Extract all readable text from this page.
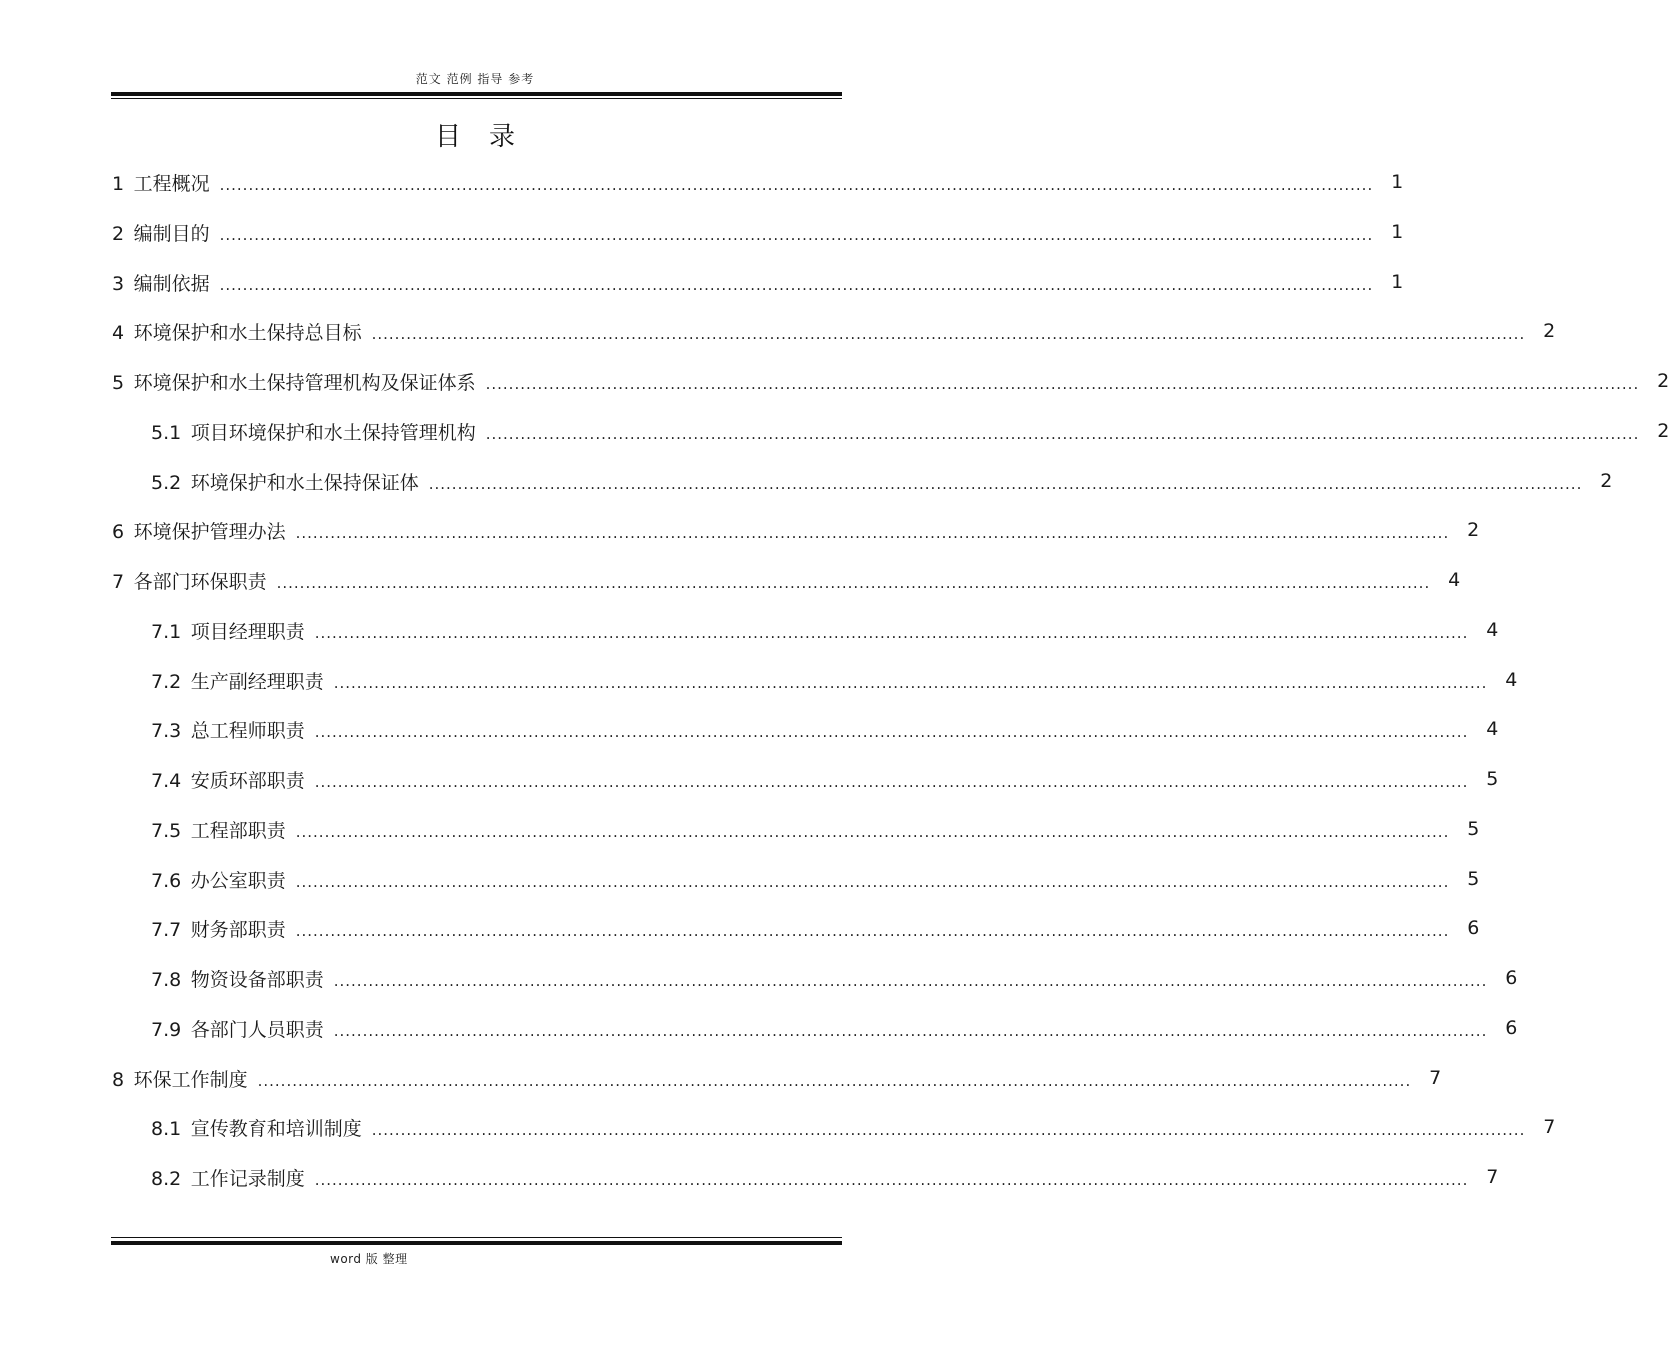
范文 范例 指导 参考
目录
1  工程概况 ........................................................................................................................................................................................................ 1
2  编制目的 ........................................................................................................................................................................................................ 1
3  编制依据 ........................................................................................................................................................................................................ 1
4  环境保护和水土保持总目标 ........................................................................................................................................................................................................ 2
5  环境保护和水土保持管理机构及保证体系 ........................................................................................................................................................................................................ 2
5.1  项目环境保护和水土保持管理机构 ........................................................................................................................................................................................................ 2
5.2  环境保护和水土保持保证体 ........................................................................................................................................................................................................ 2
6  环境保护管理办法 ........................................................................................................................................................................................................ 2
7  各部门环保职责 ........................................................................................................................................................................................................ 4
7.1  项目经理职责 ........................................................................................................................................................................................................ 4
7.2  生产副经理职责 ........................................................................................................................................................................................................ 4
7.3  总工程师职责 ........................................................................................................................................................................................................ 4
7.4  安质环部职责 ........................................................................................................................................................................................................ 5
7.5  工程部职责 ........................................................................................................................................................................................................ 5
7.6  办公室职责 ........................................................................................................................................................................................................ 5
7.7  财务部职责 ........................................................................................................................................................................................................ 6
7.8  物资设备部职责 ........................................................................................................................................................................................................ 6
7.9  各部门人员职责 ........................................................................................................................................................................................................ 6
8  环保工作制度 ........................................................................................................................................................................................................ 7
8.1  宣传教育和培训制度 ........................................................................................................................................................................................................ 7
8.2  工作记录制度 ........................................................................................................................................................................................................ 7
word 版 整理
